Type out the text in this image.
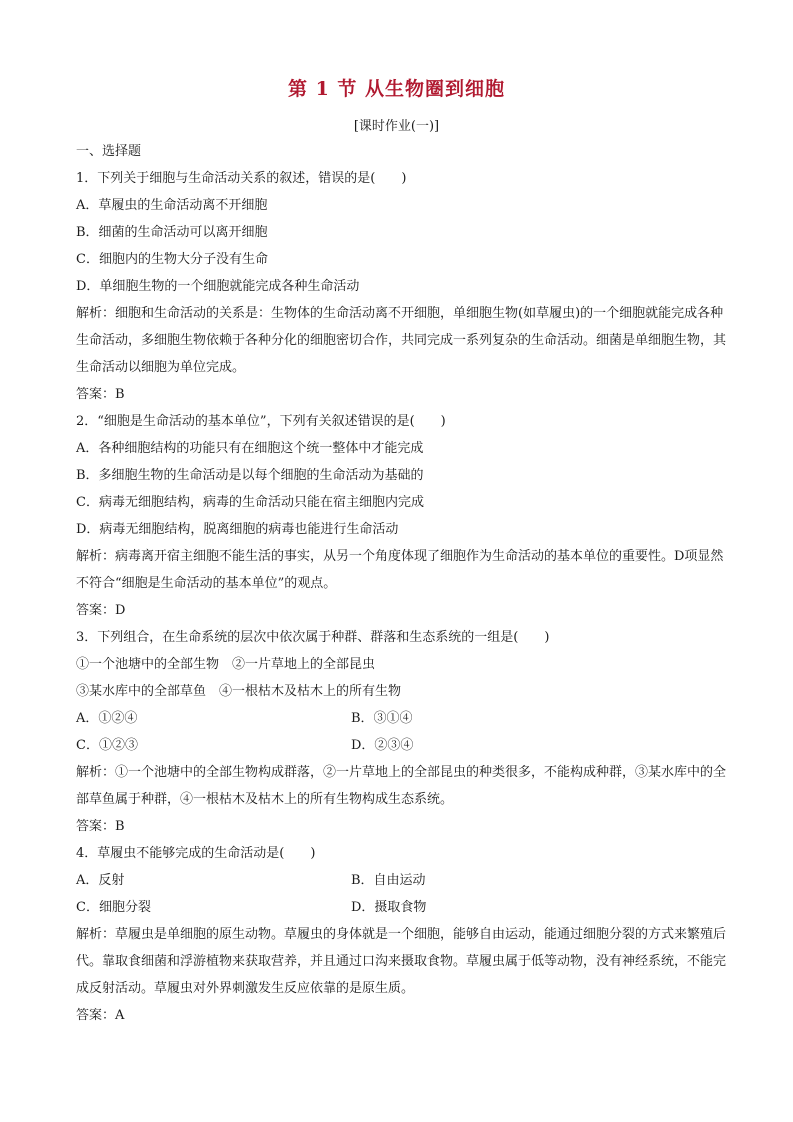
第 1 节 从生物圈到细胞
[课时作业(一)]
一、选择题
1．下列关于细胞与生命活动关系的叙述，错误的是(　　)
A．草履虫的生命活动离不开细胞
B．细菌的生命活动可以离开细胞
C．细胞内的生物大分子没有生命
D．单细胞生物的一个细胞就能完成各种生命活动
解析：细胞和生命活动的关系是：生物体的生命活动离不开细胞，单细胞生物(如草履虫)的一个细胞就能完成各种生命活动，多细胞生物依赖于各种分化的细胞密切合作，共同完成一系列复杂的生命活动。细菌是单细胞生物，其生命活动以细胞为单位完成。
答案：B
2．“细胞是生命活动的基本单位”，下列有关叙述错误的是(　　)
A．各种细胞结构的功能只有在细胞这个统一整体中才能完成
B．多细胞生物的生命活动是以每个细胞的生命活动为基础的
C．病毒无细胞结构，病毒的生命活动只能在宿主细胞内完成
D．病毒无细胞结构，脱离细胞的病毒也能进行生命活动
解析：病毒离开宿主细胞不能生活的事实，从另一个角度体现了细胞作为生命活动的基本单位的重要性。D项显然不符合“细胞是生命活动的基本单位”的观点。
答案：D
3．下列组合，在生命系统的层次中依次属于种群、群落和生态系统的一组是(　　)
①一个池塘中的全部生物　②一片草地上的全部昆虫
③某水库中的全部草鱼　④一根枯木及枯木上的所有生物
A．①②④	B．③①④
C．①②③	D．②③④
解析：①一个池塘中的全部生物构成群落，②一片草地上的全部昆虫的种类很多，不能构成种群，③某水库中的全部草鱼属于种群，④一根枯木及枯木上的所有生物构成生态系统。
答案：B
4．草履虫不能够完成的生命活动是(　　)
A．反射	B．自由运动
C．细胞分裂	D．摄取食物
解析：草履虫是单细胞的原生动物。草履虫的身体就是一个细胞，能够自由运动，能通过细胞分裂的方式来繁殖后代。靠取食细菌和浮游植物来获取营养，并且通过口沟来摄取食物。草履虫属于低等动物，没有神经系统，不能完成反射活动。草履虫对外界刺激发生反应依靠的是原生质。
答案：A
